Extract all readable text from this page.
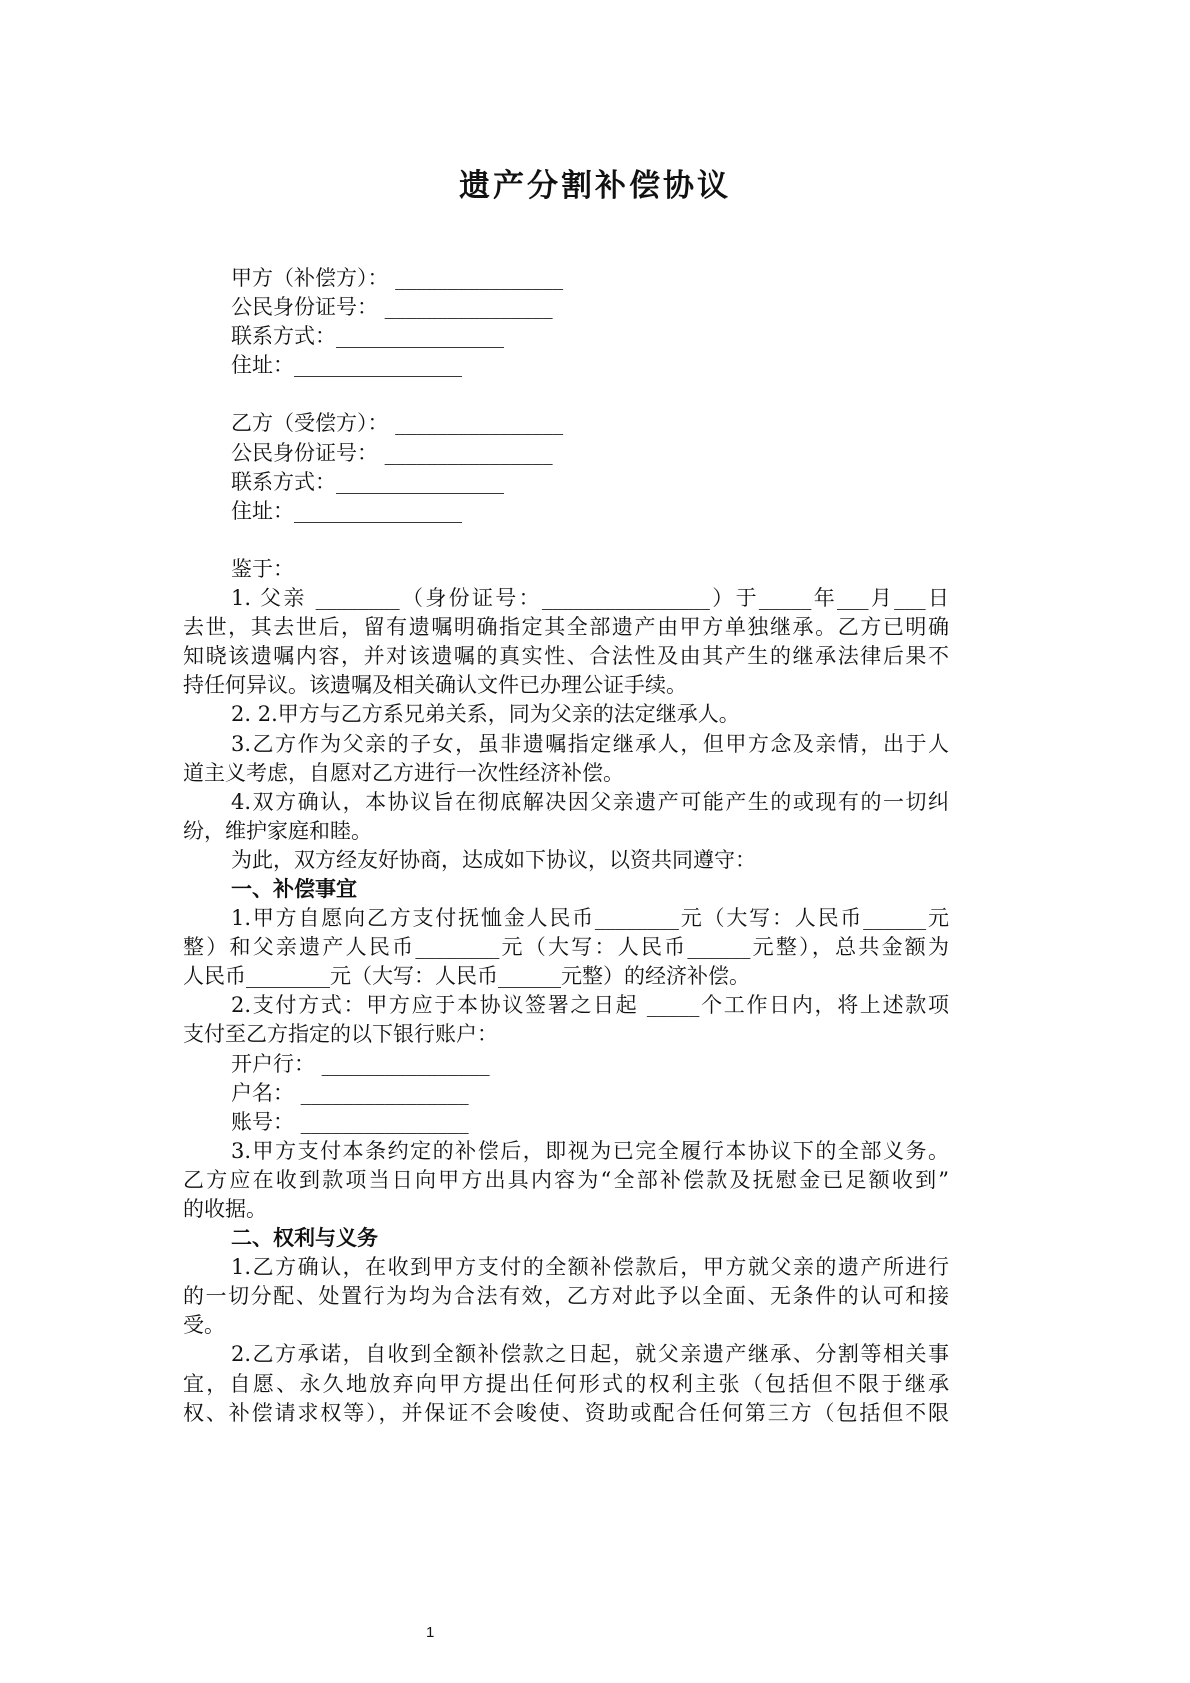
遗产分割补偿协议
甲方（补偿方）： ________________
公民身份证号： ________________
联系方式：________________
住址：________________
乙方（受偿方）： ________________
公民身份证号： ________________
联系方式：________________
住址：________________
鉴于：
1. 父亲 ________（身份证号：________________）于_____年___月___日
去世，其去世后，留有遗嘱明确指定其全部遗产由甲方单独继承。乙方已明确
知晓该遗嘱内容，并对该遗嘱的真实性、合法性及由其产生的继承法律后果不
持任何异议。该遗嘱及相关确认文件已办理公证手续。
2. 2.甲方与乙方系兄弟关系，同为父亲的法定继承人。
3.乙方作为父亲的子女，虽非遗嘱指定继承人，但甲方念及亲情，出于人
道主义考虑，自愿对乙方进行一次性经济补偿。
4.双方确认，本协议旨在彻底解决因父亲遗产可能产生的或现有的一切纠
纷，维护家庭和睦。
为此，双方经友好协商，达成如下协议，以资共同遵守：
一、补偿事宜
1.甲方自愿向乙方支付抚恤金人民币________元（大写：人民币______元
整）和父亲遗产人民币________元（大写：人民币______元整），总共金额为
人民币________元（大写：人民币______元整）的经济补偿。
2.支付方式：甲方应于本协议签署之日起 _____个工作日内，将上述款项
支付至乙方指定的以下银行账户：
开户行： ________________
户名： ________________
账号： ________________
3.甲方支付本条约定的补偿后，即视为已完全履行本协议下的全部义务。
乙方应在收到款项当日向甲方出具内容为“全部补偿款及抚慰金已足额收到”
的收据。
二、权利与义务
1.乙方确认，在收到甲方支付的全额补偿款后，甲方就父亲的遗产所进行
的一切分配、处置行为均为合法有效，乙方对此予以全面、无条件的认可和接
受。
2.乙方承诺，自收到全额补偿款之日起，就父亲遗产继承、分割等相关事
宜，自愿、永久地放弃向甲方提出任何形式的权利主张（包括但不限于继承
权、补偿请求权等），并保证不会唆使、资助或配合任何第三方（包括但不限
1
